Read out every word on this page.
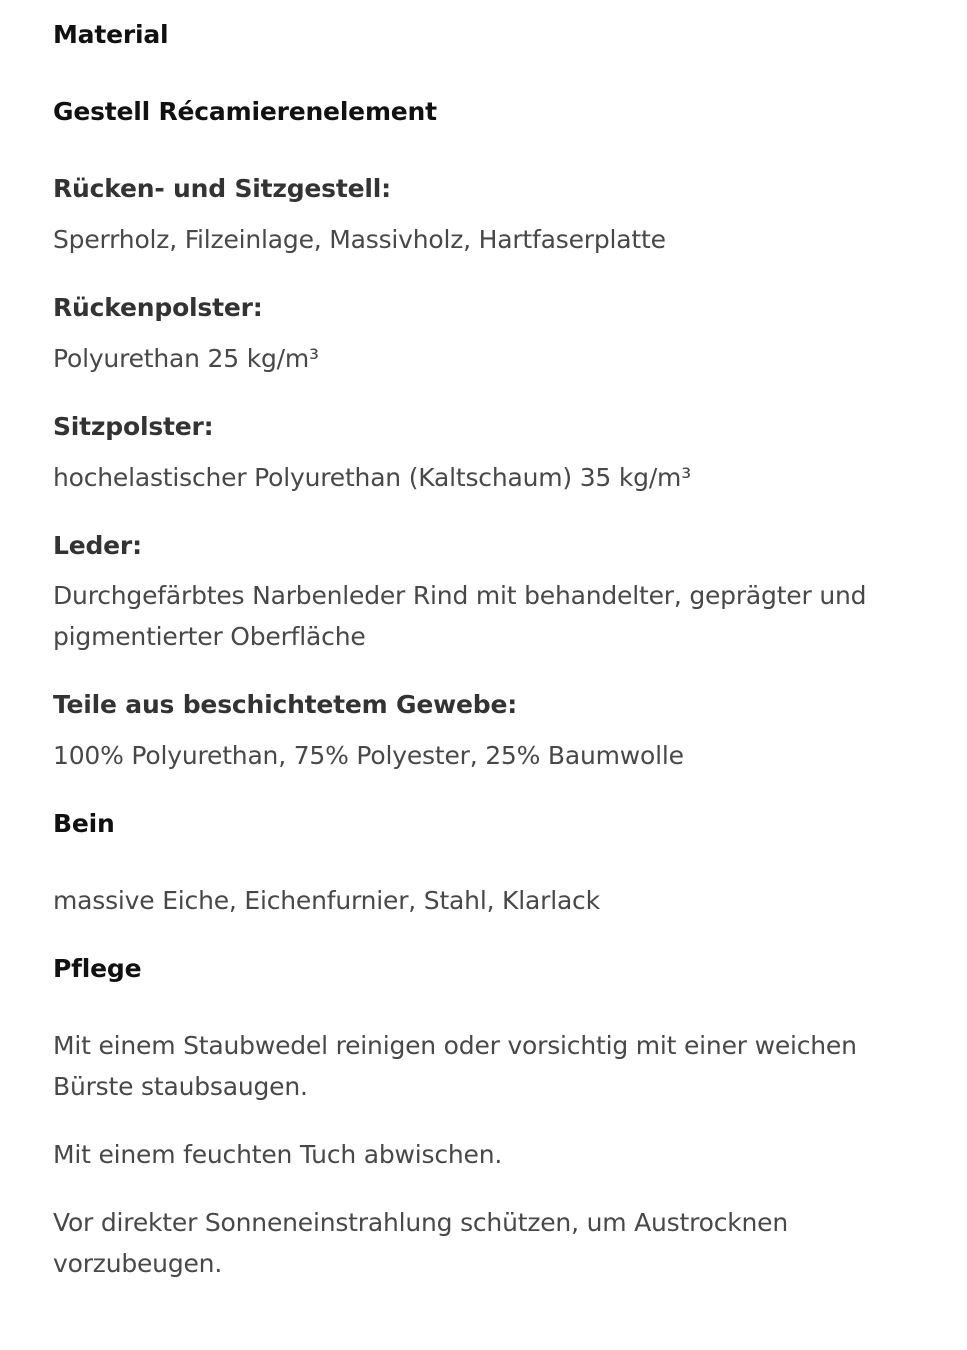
Material
Gestell Récamierenelement
Rücken- und Sitzgestell:
Sperrholz, Filzeinlage, Massivholz, Hartfaserplatte
Rückenpolster:
Polyurethan 25 kg/m³
Sitzpolster:
hochelastischer Polyurethan (Kaltschaum) 35 kg/m³
Leder:
Durchgefärbtes Narbenleder Rind mit behandelter, geprägter und pigmentierter Oberfläche
Teile aus beschichtetem Gewebe:
100% Polyurethan, 75% Polyester, 25% Baumwolle
Bein
massive Eiche, Eichenfurnier, Stahl, Klarlack
Pflege
Mit einem Staubwedel reinigen oder vorsichtig mit einer weichen Bürste staubsaugen.
Mit einem feuchten Tuch abwischen.
Vor direkter Sonneneinstrahlung schützen, um Austrocknen vorzubeugen.
